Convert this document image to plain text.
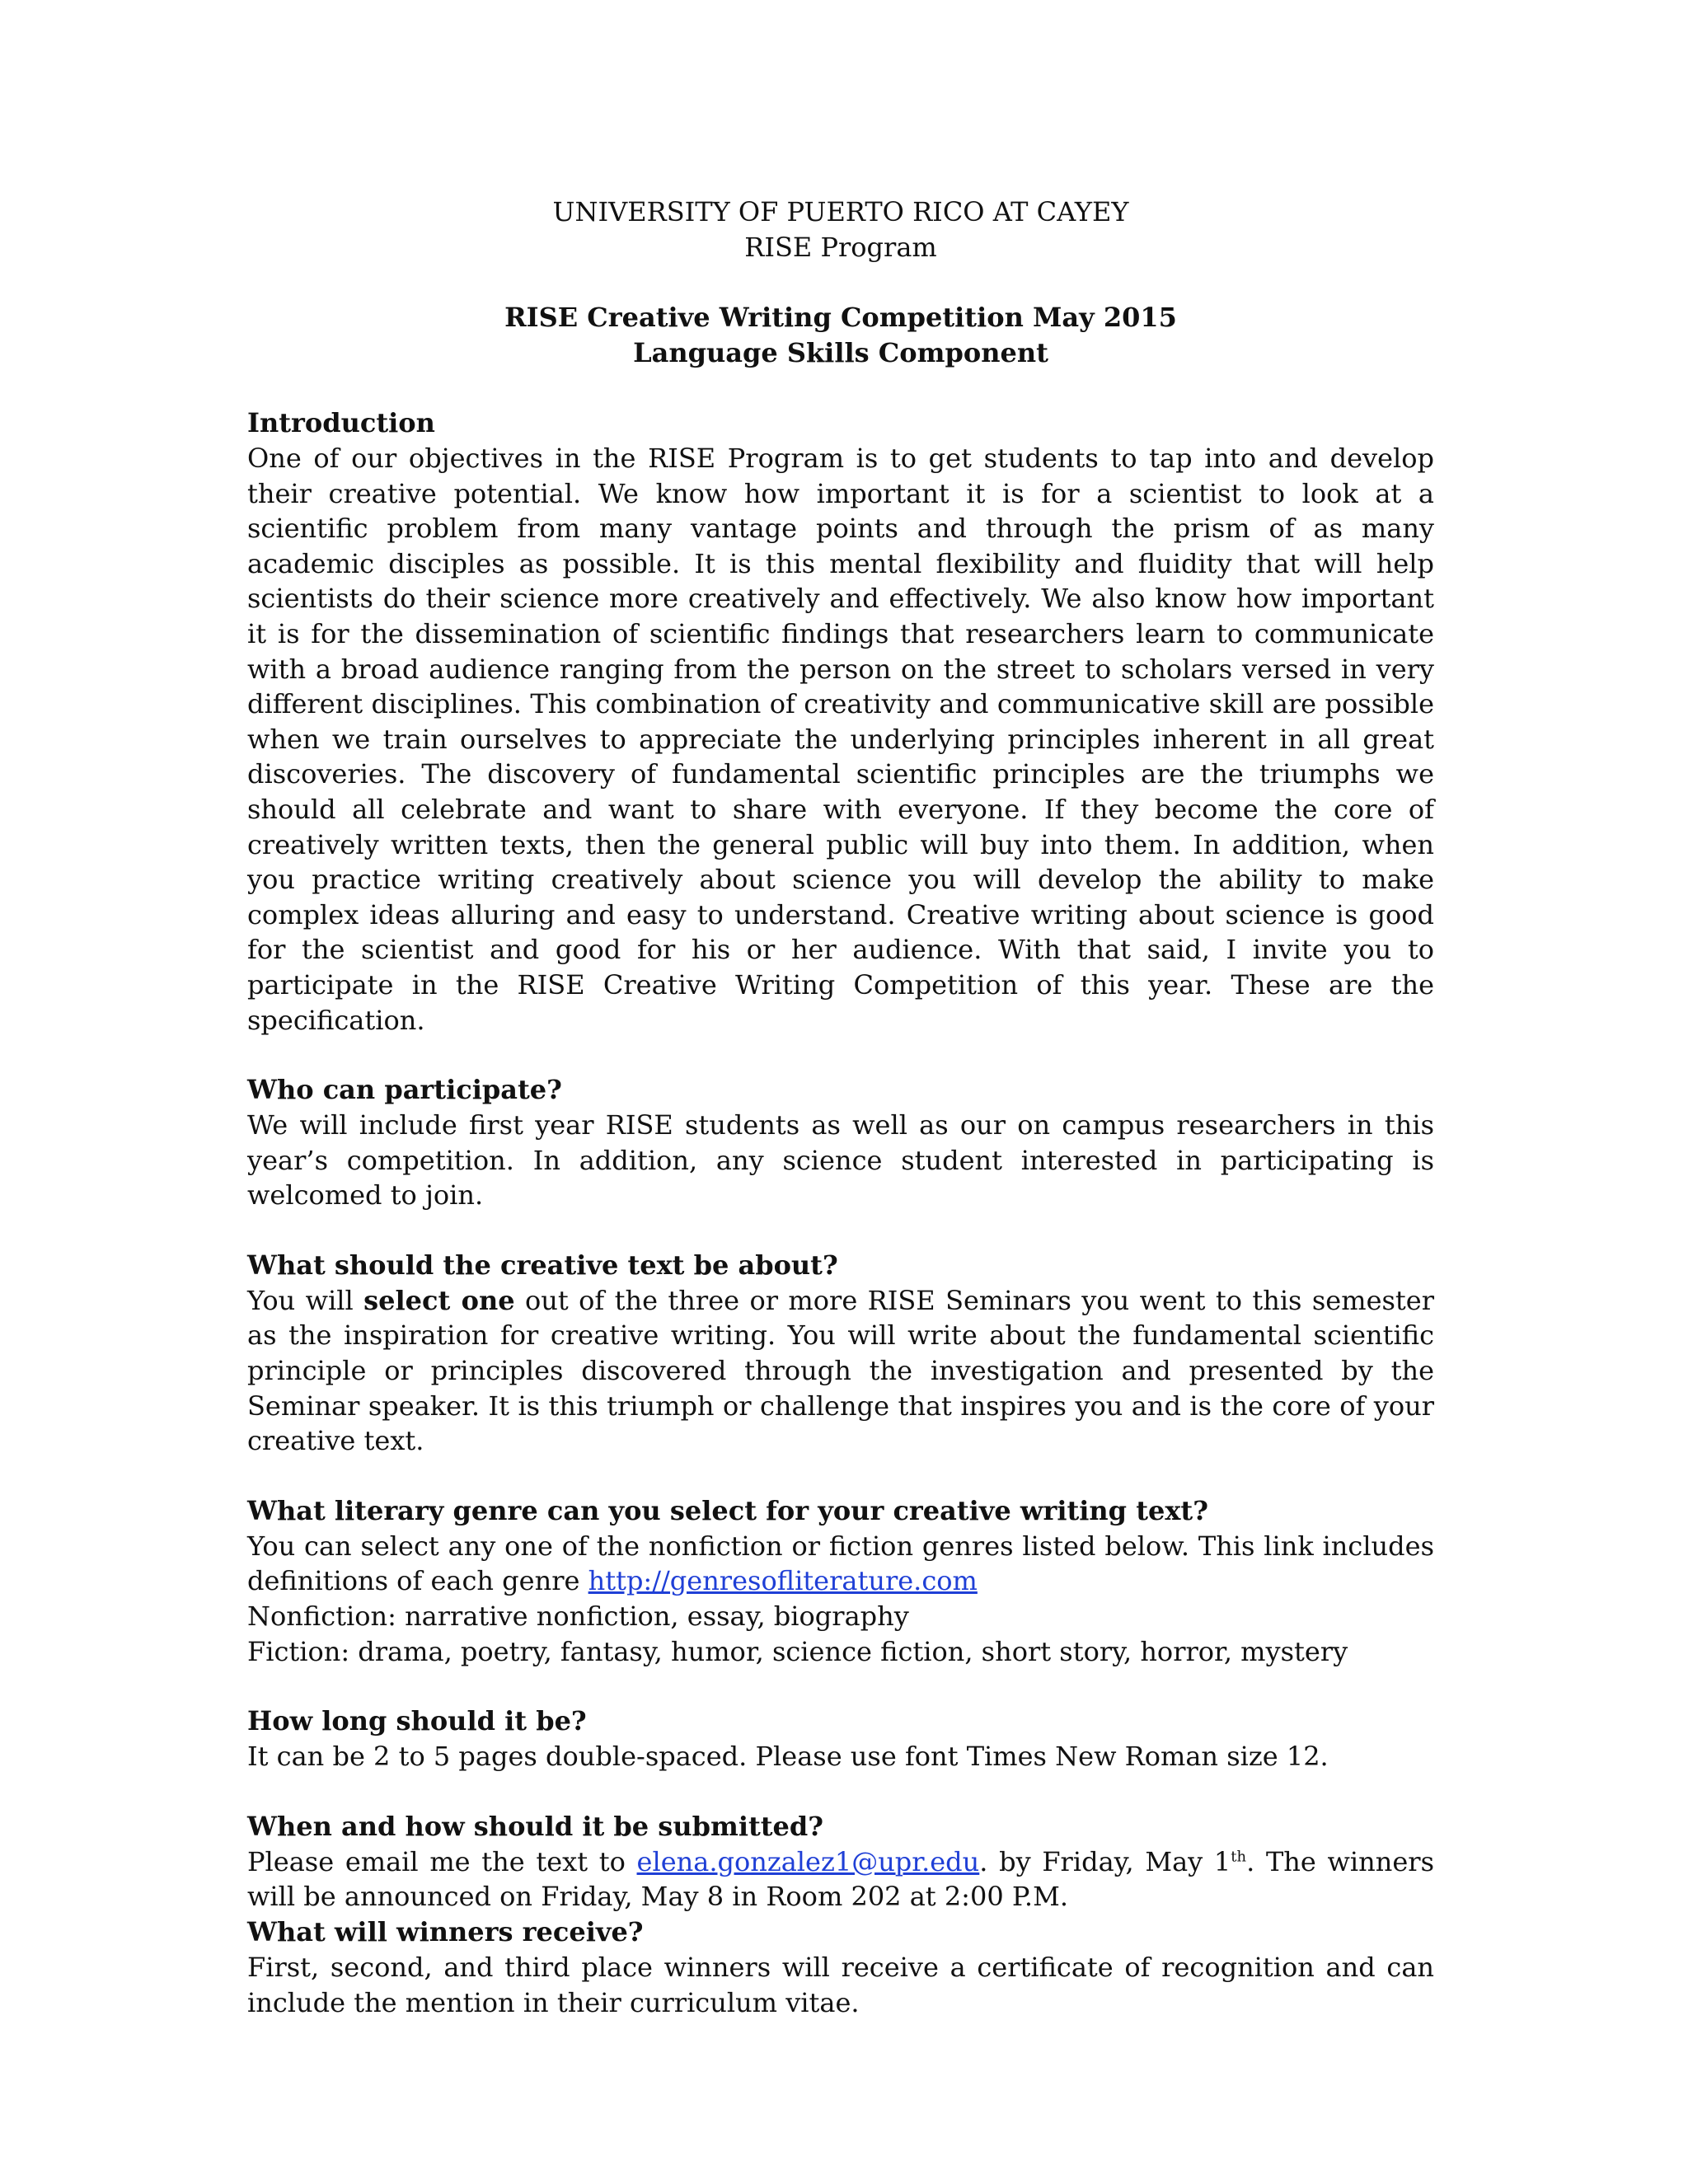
UNIVERSITY OF PUERTO RICO AT CAYEY
RISE Program
RISE Creative Writing Competition May 2015
Language Skills Component
Introduction

One of our objectives in the RISE Program is to get students to tap into and develop their creative potential. We know how important it is for a scientist to look at a scientific problem from many vantage points and through the prism of as many academic disciples as possible. It is this mental flexibility and fluidity that will help scientists do their science more creatively and effectively. We also know how important it is for the dissemination of scientific findings that researchers learn to communicate with a broad audience ranging from the person on the street to scholars versed in very different disciplines. This combination of creativity and communicative skill are possible when we train ourselves to appreciate the underlying principles inherent in all great discoveries. The discovery of fundamental scientific principles are the triumphs we should all celebrate and want to share with everyone. If they become the core of creatively written texts, then the general public will buy into them. In addition, when you practice writing creatively about science you will develop the ability to make complex ideas alluring and easy to understand. Creative writing about science is good for the scientist and good for his or her audience. With that said, I invite you to participate in the RISE Creative Writing Competition of this year. These are the specification.

Who can participate?

We will include first year RISE students as well as our on campus researchers in this year’s competition. In addition, any science student interested in participating is welcomed to join.

What should the creative text be about?

You will select one out of the three or more RISE Seminars you went to this semester as the inspiration for creative writing. You will write about the fundamental scientific principle or principles discovered through the investigation and presented by the Seminar speaker. It is this triumph or challenge that inspires you and is the core of your creative text.

What literary genre can you select for your creative writing text?

You can select any one of the nonfiction or fiction genres listed below. This link includes definitions of each genre http://genresofliterature.com

Nonfiction: narrative nonfiction, essay, biography

Fiction: drama, poetry, fantasy, humor, science fiction, short story, horror, mystery

How long should it be?

It can be 2 to 5 pages double-spaced. Please use font Times New Roman size 12.

When and how should it be submitted?

Please email me the text to elena.gonzalez1@upr.edu. by Friday, May 1th. The winners will be announced on Friday, May 8 in Room 202 at 2:00 P.M.

What will winners receive?

First, second, and third place winners will receive a certificate of recognition and can include the mention in their curriculum vitae.
